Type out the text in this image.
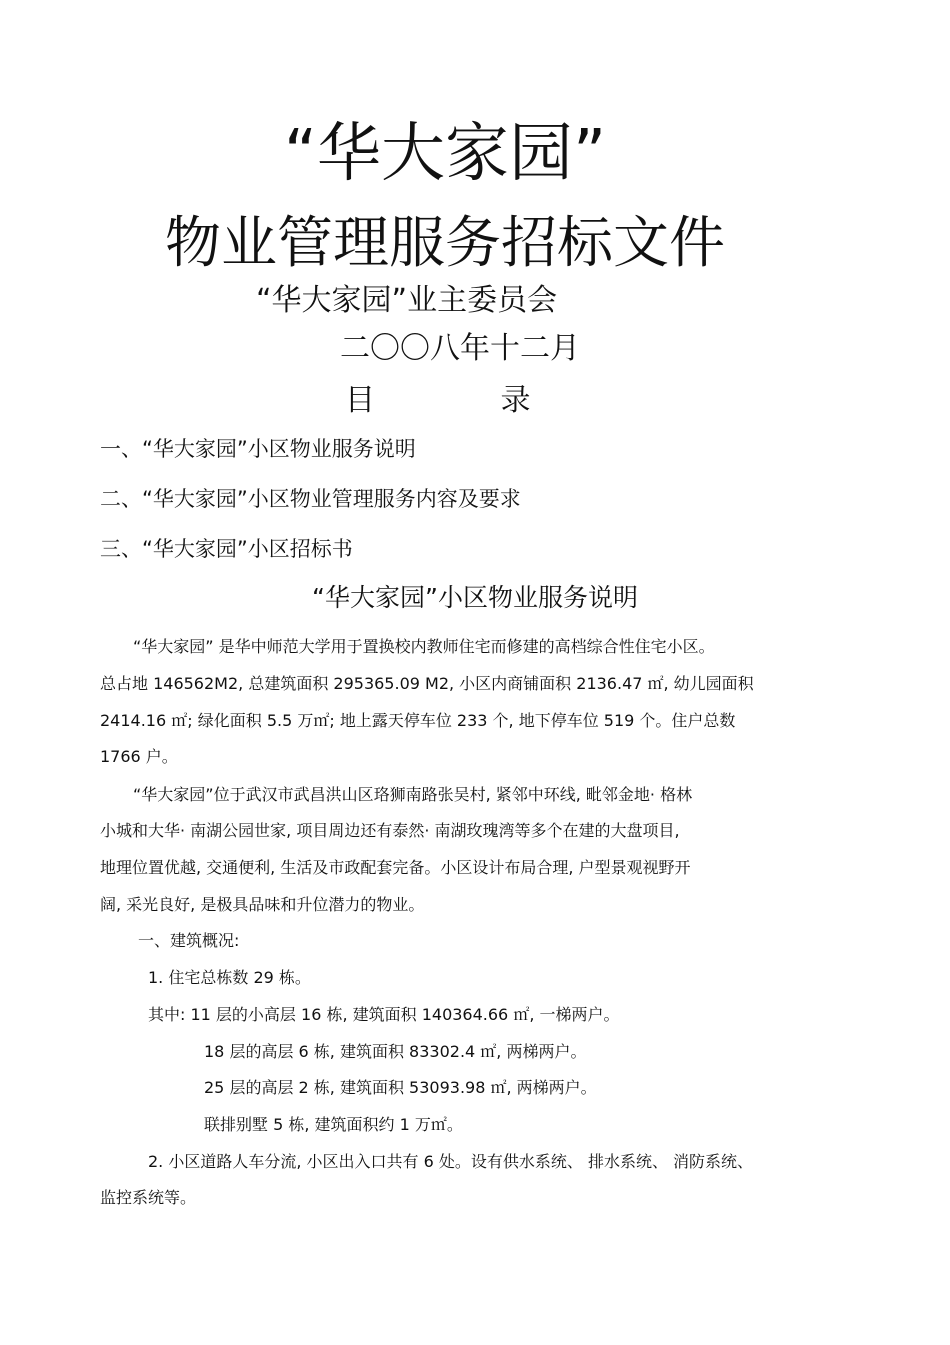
“华大家园”
物业管理服务招标文件
“华大家园”业主委员会
二〇〇八年十二月
目 录
一、“华大家园”小区物业服务说明
二、“华大家园”小区物业管理服务内容及要求
三、“华大家园”小区招标书
“华大家园”小区物业服务说明
“华大家园” 是华中师范大学用于置换校内教师住宅而修建的高档综合性住宅小区。
总占地 146562M2, 总建筑面积 295365.09 M2, 小区内商铺面积 2136.47 ㎡, 幼儿园面积
2414.16 ㎡; 绿化面积 5.5 万㎡; 地上露天停车位 233 个, 地下停车位 519 个。住户总数
1766 户。
“华大家园”位于武汉市武昌洪山区珞狮南路张吴村, 紧邻中环线, 毗邻金地· 格林
小城和大华· 南湖公园世家, 项目周边还有泰然· 南湖玫瑰湾等多个在建的大盘项目,
地理位置优越, 交通便利, 生活及市政配套完备。小区设计布局合理, 户型景观视野开
阔, 采光良好, 是极具品味和升位潜力的物业。
一、建筑概况:
1. 住宅总栋数 29 栋。
其中: 11 层的小高层 16 栋, 建筑面积 140364.66 ㎡, 一梯两户。
18 层的高层 6 栋, 建筑面积 83302.4 ㎡, 两梯两户。
25 层的高层 2 栋, 建筑面积 53093.98 ㎡, 两梯两户。
联排别墅 5 栋, 建筑面积约 1 万㎡。
2. 小区道路人车分流, 小区出入口共有 6 处。设有供水系统、 排水系统、 消防系统、
监控系统等。
